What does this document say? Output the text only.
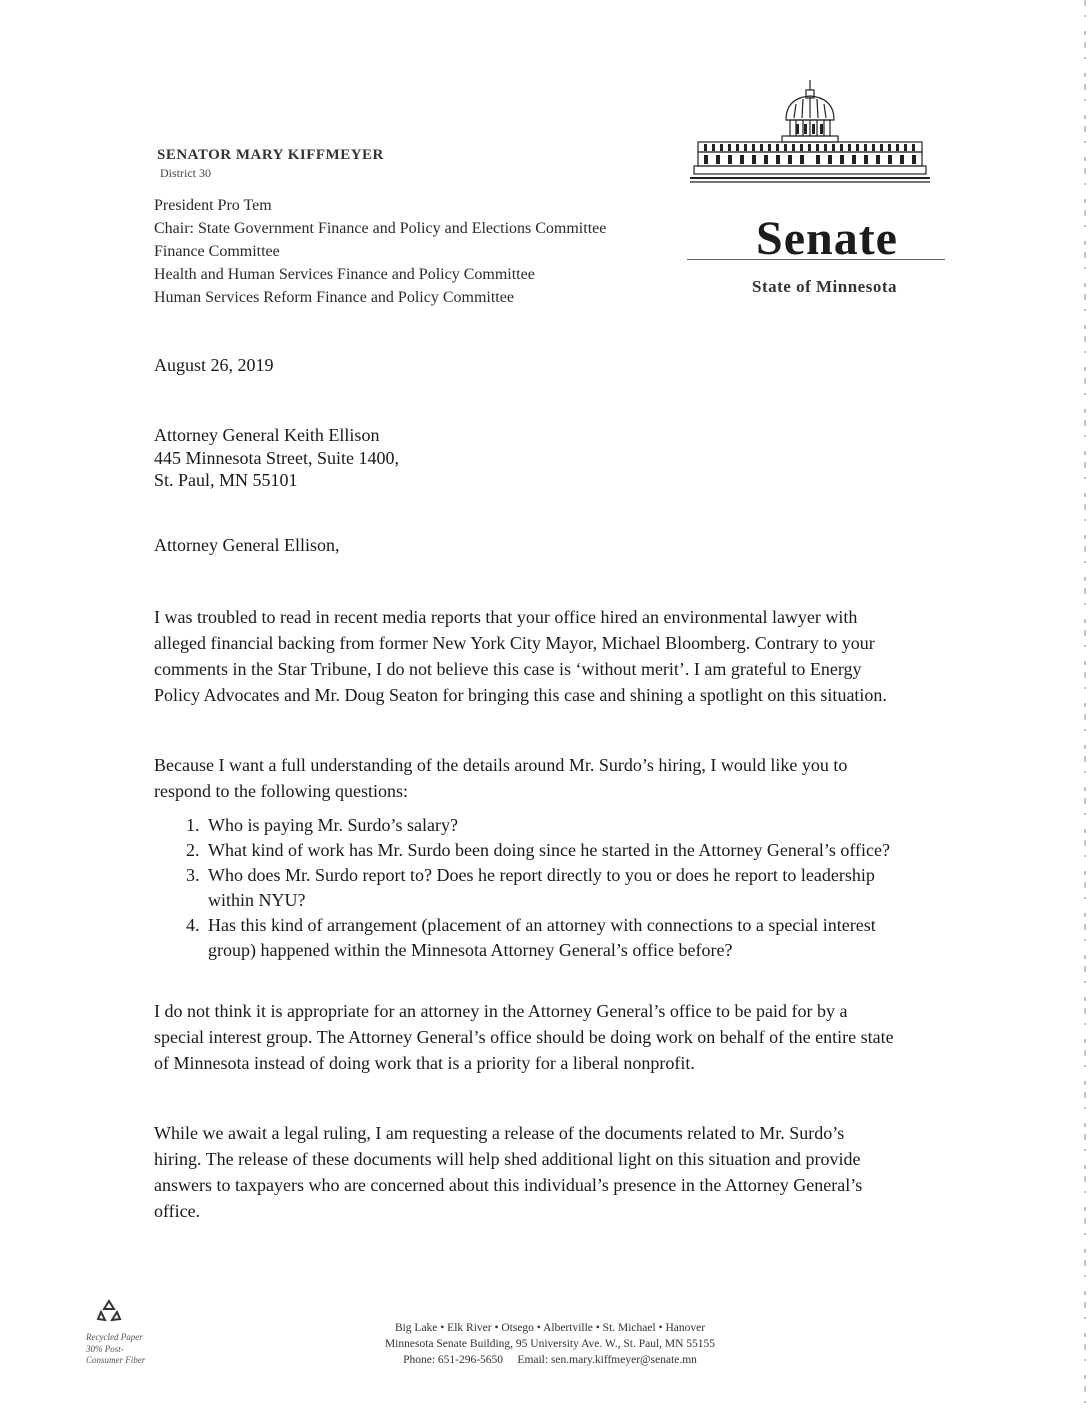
SENATOR MARY KIFFMEYER
District 30
President Pro Tem
Chair: State Government Finance and Policy and Elections Committee
Finance Committee
Health and Human Services Finance and Policy Committee
Human Services Reform Finance and Policy Committee
Senate
State of Minnesota
August 26, 2019
Attorney General Keith Ellison
445 Minnesota Street, Suite 1400,
St. Paul, MN 55101
Attorney General Ellison,
I was troubled to read in recent media reports that your office hired an environmental lawyer with
alleged financial backing from former New York City Mayor, Michael Bloomberg. Contrary to your
comments in the Star Tribune, I do not believe this case is ‘without merit’. I am grateful to Energy
Policy Advocates and Mr. Doug Seaton for bringing this case and shining a spotlight on this situation.
Because I want a full understanding of the details around Mr. Surdo’s hiring, I would like you to
respond to the following questions:
1. Who is paying Mr. Surdo’s salary?
2. What kind of work has Mr. Surdo been doing since he started in the Attorney General’s office?
3. Who does Mr. Surdo report to? Does he report directly to you or does he report to leadership
within NYU?
4. Has this kind of arrangement (placement of an attorney with connections to a special interest
group) happened within the Minnesota Attorney General’s office before?
I do not think it is appropriate for an attorney in the Attorney General’s office to be paid for by a
special interest group. The Attorney General’s office should be doing work on behalf of the entire state
of Minnesota instead of doing work that is a priority for a liberal nonprofit.
While we await a legal ruling, I am requesting a release of the documents related to Mr. Surdo’s
hiring. The release of these documents will help shed additional light on this situation and provide
answers to taxpayers who are concerned about this individual’s presence in the Attorney General’s
office.
Recycled Paper
30% Post-
Consumer Fiber
Big Lake • Elk River • Otsego • Albertville • St. Michael • Hanover
Minnesota Senate Building, 95 University Ave. W., St. Paul, MN 55155
Phone: 651-296-5650     Email: sen.mary.kiffmeyer@senate.mn
